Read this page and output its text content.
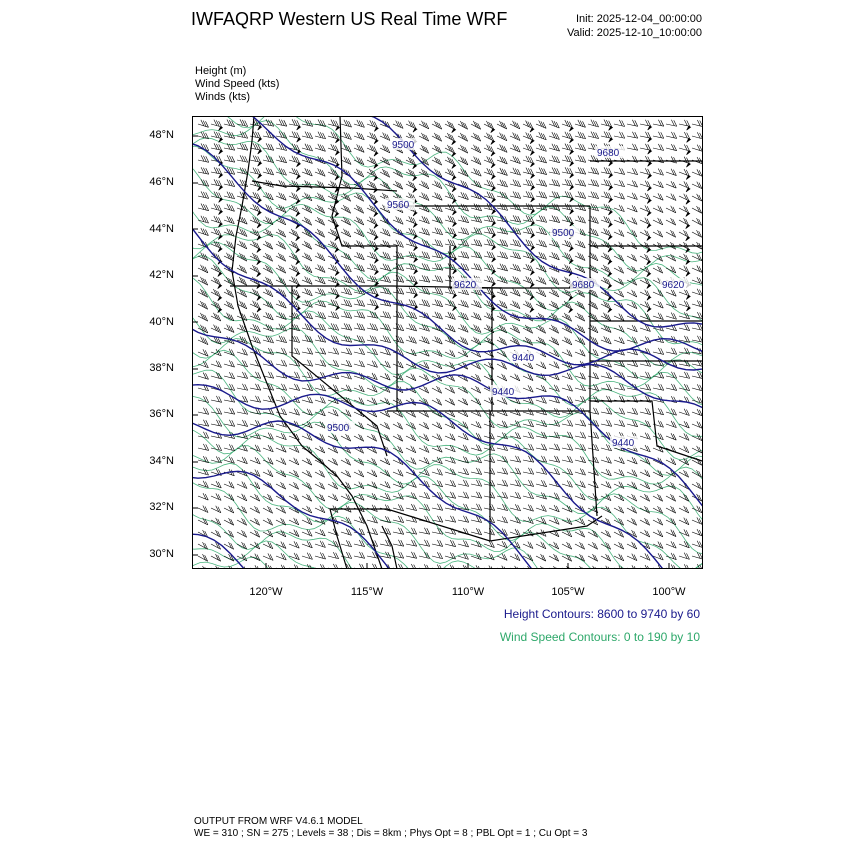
IWFAQRP Western US Real Time WRF	Init: 2025-12-04_00:00:00
Valid: 2025-12-10_10:00:00
Height (m)
Wind Speed (kts)
Winds (kts)
48°N
46°N
44°N
42°N
40°N
38°N
36°N
34°N
32°N
30°N
120°W	115°W	110°W	105°W	100°W
9560
9620
9440
9500
9680
9500
9440
9440
9680	9620
9500
Height Contours: 8600 to 9740 by 60
Wind Speed Contours: 0 to 190 by 10
OUTPUT FROM WRF V4.6.1 MODEL
WE = 310 ; SN = 275 ; Levels = 38 ; Dis = 8km ; Phys Opt = 8 ; PBL Opt = 1 ; Cu Opt = 3
